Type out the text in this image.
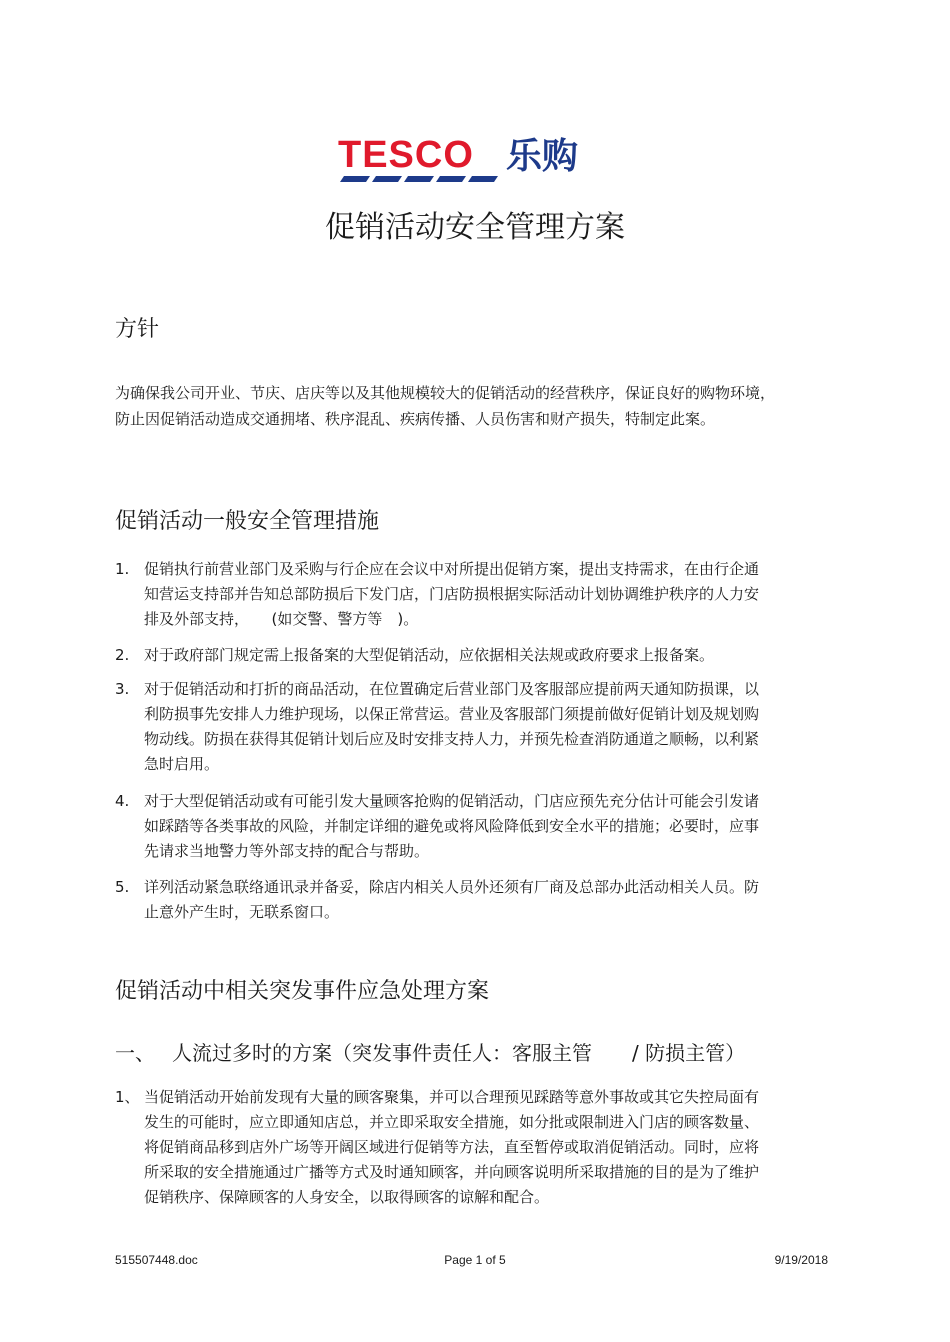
TESCO 乐购
促销活动安全管理方案
方针

为确保我公司开业、节庆、店庆等以及其他规模较大的促销活动的经营秩序，保证良好的购物环境，防止因促销活动造成交通拥堵、秩序混乱、疾病传播、人员伤害和财产损失，特制定此案。

促销活动一般安全管理措施
1. 促销执行前营业部门及采购与行企应在会议中对所提出促销方案，提出支持需求，在由行企通知营运支持部并告知总部防损后下发门店，门店防损根据实际活动计划协调维护秩序的人力安排及外部支持，　　(如交警、警方等　)。
2. 对于政府部门规定需上报备案的大型促销活动，应依据相关法规或政府要求上报备案。
3. 对于促销活动和打折的商品活动，在位置确定后营业部门及客服部应提前两天通知防损课，以利防损事先安排人力维护现场，以保正常营运。营业及客服部门须提前做好促销计划及规划购物动线。防损在获得其促销计划后应及时安排支持人力，并预先检查消防通道之顺畅，以利紧急时启用。
4. 对于大型促销活动或有可能引发大量顾客抢购的促销活动，门店应预先充分估计可能会引发诸如踩踏等各类事故的风险，并制定详细的避免或将风险降低到安全水平的措施；必要时，应事先请求当地警力等外部支持的配合与帮助。
5. 详列活动紧急联络通讯录并备妥，除店内相关人员外还须有厂商及总部办此活动相关人员。防止意外产生时，无联系窗口。
促销活动中相关突发事件应急处理方案
一、 人流过多时的方案（突发事件责任人：客服主管　　/ 防损主管）
1、 当促销活动开始前发现有大量的顾客聚集，并可以合理预见踩踏等意外事故或其它失控局面有发生的可能时，应立即通知店总，并立即采取安全措施，如分批或限制进入门店的顾客数量、将促销商品移到店外广场等开阔区域进行促销等方法，直至暂停或取消促销活动。同时，应将所采取的安全措施通过广播等方式及时通知顾客，并向顾客说明所采取措施的目的是为了维护促销秩序、保障顾客的人身安全，以取得顾客的谅解和配合。
515507448.doc	Page 1 of 5	9/19/2018
